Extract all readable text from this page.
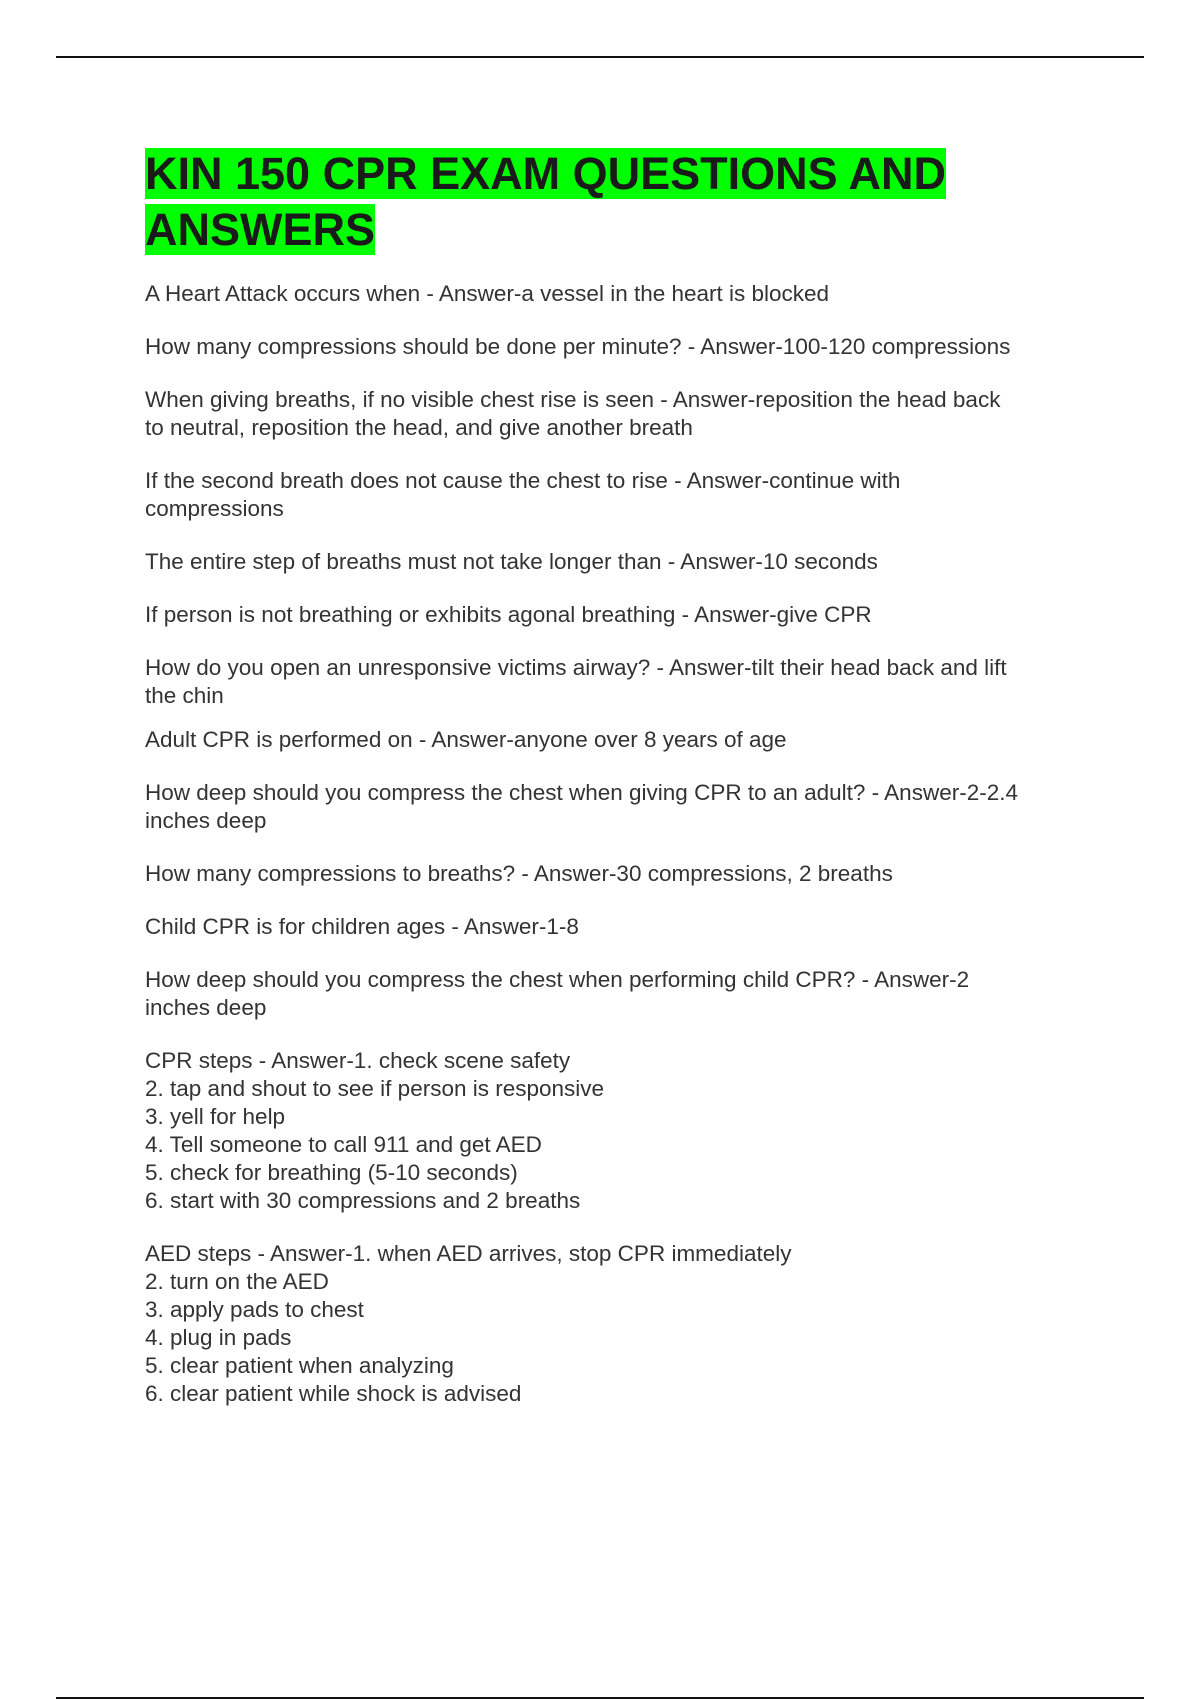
KIN 150 CPR EXAM QUESTIONS AND ANSWERS

A Heart Attack occurs when - Answer-a vessel in the heart is blocked

How many compressions should be done per minute? - Answer-100-120 compressions

When giving breaths, if no visible chest rise is seen - Answer-reposition the head back
to neutral, reposition the head, and give another breath

If the second breath does not cause the chest to rise - Answer-continue with
compressions

The entire step of breaths must not take longer than - Answer-10 seconds

If person is not breathing or exhibits agonal breathing - Answer-give CPR

How do you open an unresponsive victims airway? - Answer-tilt their head back and lift
the chin

Adult CPR is performed on - Answer-anyone over 8 years of age

How deep should you compress the chest when giving CPR to an adult? - Answer-2-2.4
inches deep

How many compressions to breaths? - Answer-30 compressions, 2 breaths

Child CPR is for children ages - Answer-1-8

How deep should you compress the chest when performing child CPR? - Answer-2
inches deep

CPR steps - Answer-1. check scene safety
2. tap and shout to see if person is responsive
3. yell for help
4. Tell someone to call 911 and get AED
5. check for breathing (5-10 seconds)
6. start with 30 compressions and 2 breaths

AED steps - Answer-1. when AED arrives, stop CPR immediately
2. turn on the AED
3. apply pads to chest
4. plug in pads
5. clear patient when analyzing
6. clear patient while shock is advised
